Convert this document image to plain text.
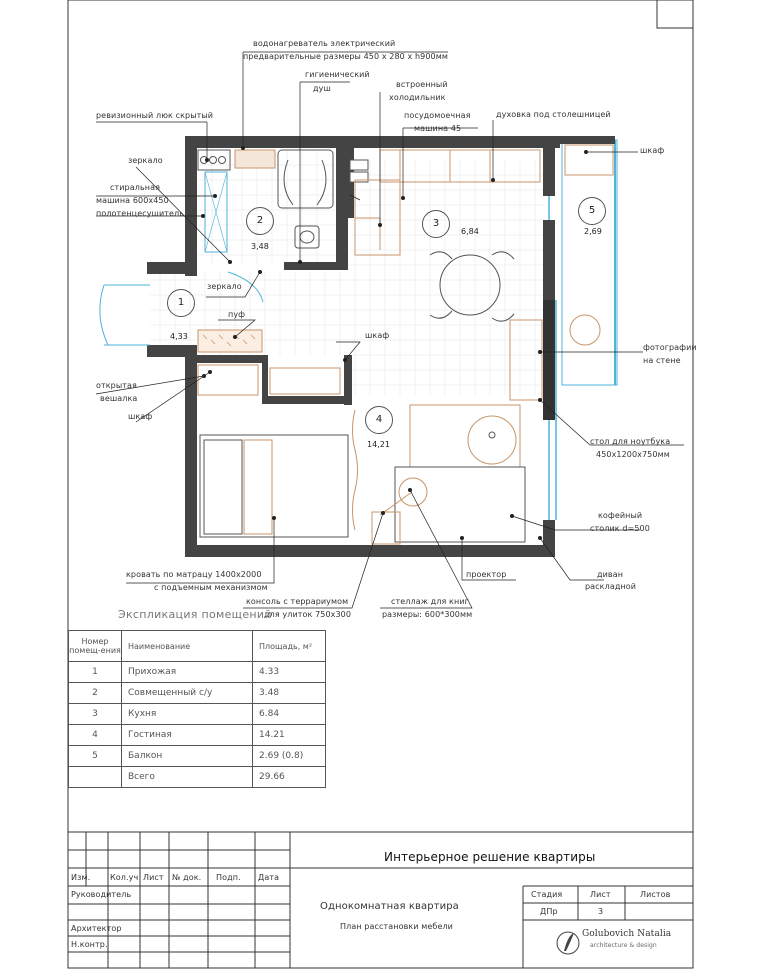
водонагреватель электрический
предварительные размеры 450 х 280 х h900мм
гигиенический
душ	встроенный
холодильник
посудомоечная
машина 45
духовка под столешницей
ревизионный люк скрытый
зеркало
стиральная
машина 600х450
полотенцесушитель
шкаф
зеркало
пуф
шкаф
фотографии
на стене
открытая
вешалка
шкаф
стол для ноутбука
450х1200х750мм
кофейный
столик d=500
диван
раскладной
кровать по матрацу 1400х2000
с подъемным механизмом
проектор
консоль с террариумом
для улиток 750х300
стеллаж для книг
размеры: 600*300мм
1
4,33
2
3,48
3
6,84
4
14,21
5
2,69
Экспликация помещений
Номер помещ-ения	Наименование	Площадь, м²
1	Прихожая	4.33
2	Совмещенный с/у	3.48
3	Кухня	6.84
4	Гостиная	14.21
5	Балкон	2.69 (0.8)
	Всего	29.66
Интерьерное решение квартиры
Изм. Кол.уч Лист № док. Подп. Дата
Руководитель
Архитектор
Н.контр.
Однокомнатная квартира
План расстановки мебели
Стадия	Лист	Листов
ДПр	3
Golubovich Natalia
architecture & design
